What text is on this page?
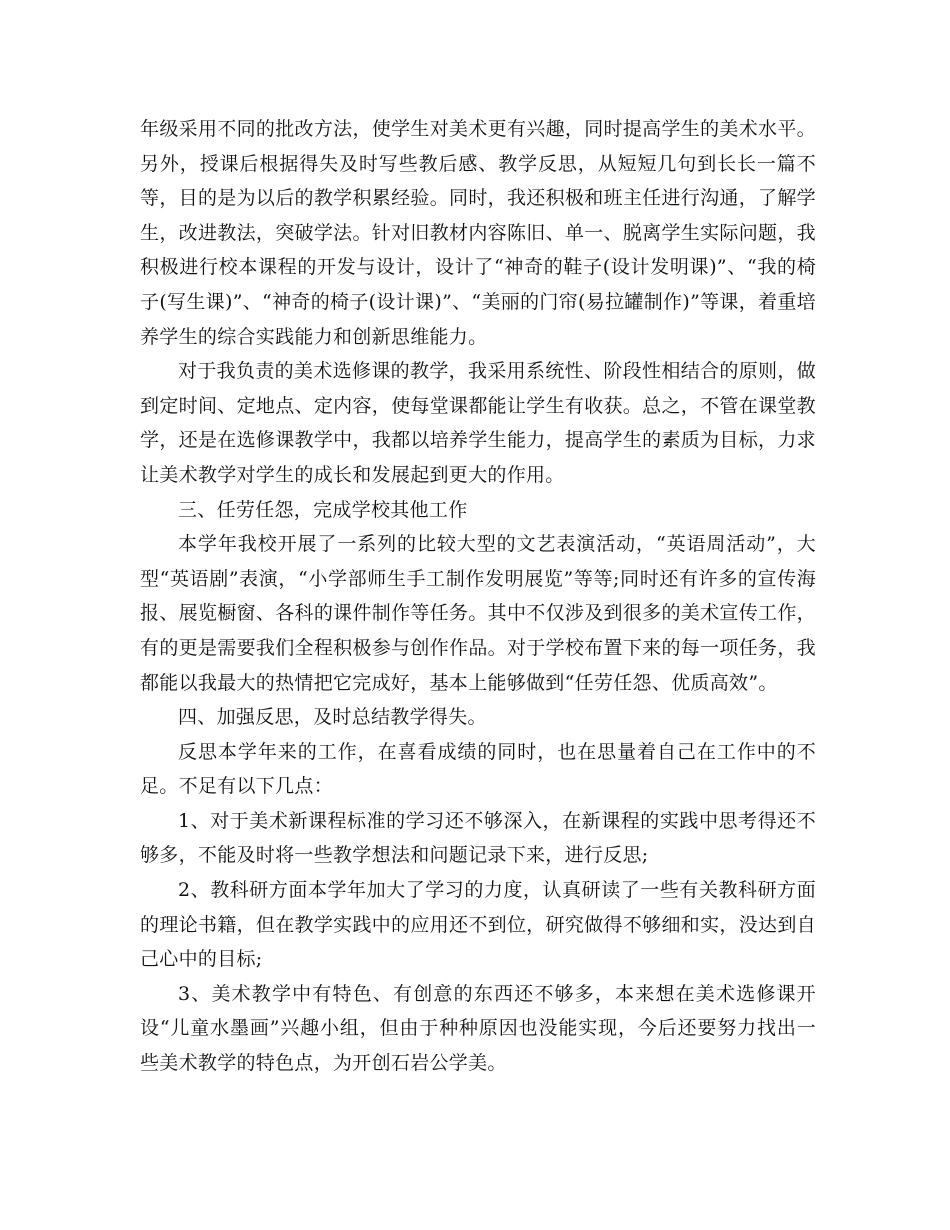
年级采用不同的批改方法，使学生对美术更有兴趣，同时提高学生的美术水平。另外，授课后根据得失及时写些教后感、教学反思，从短短几句到长长一篇不等，目的是为以后的教学积累经验。同时，我还积极和班主任进行沟通，了解学生，改进教法，突破学法。针对旧教材内容陈旧、单一、脱离学生实际问题，我积极进行校本课程的开发与设计，设计了“神奇的鞋子(设计发明课)”、“我的椅子(写生课)”、“神奇的椅子(设计课)”、“美丽的门帘(易拉罐制作)”等课，着重培养学生的综合实践能力和创新思维能力。

对于我负责的美术选修课的教学，我采用系统性、阶段性相结合的原则，做到定时间、定地点、定内容，使每堂课都能让学生有收获。总之，不管在课堂教学，还是在选修课教学中，我都以培养学生能力，提高学生的素质为目标，力求让美术教学对学生的成长和发展起到更大的作用。

三、任劳任怨，完成学校其他工作

本学年我校开展了一系列的比较大型的文艺表演活动，“英语周活动”，大型“英语剧”表演，“小学部师生手工制作发明展览”等等;同时还有许多的宣传海报、展览橱窗、各科的课件制作等任务。其中不仅涉及到很多的美术宣传工作，有的更是需要我们全程积极参与创作作品。对于学校布置下来的每一项任务，我都能以我最大的热情把它完成好，基本上能够做到“任劳任怨、优质高效”。

四、加强反思，及时总结教学得失。

反思本学年来的工作，在喜看成绩的同时，也在思量着自己在工作中的不足。不足有以下几点：

1、对于美术新课程标准的学习还不够深入，在新课程的实践中思考得还不够多，不能及时将一些教学想法和问题记录下来，进行反思;

2、教科研方面本学年加大了学习的力度，认真研读了一些有关教科研方面的理论书籍，但在教学实践中的应用还不到位，研究做得不够细和实，没达到自己心中的目标;

3、美术教学中有特色、有创意的东西还不够多，本来想在美术选修课开设“儿童水墨画”兴趣小组，但由于种种原因也没能实现，今后还要努力找出一些美术教学的特色点，为开创石岩公学美。
